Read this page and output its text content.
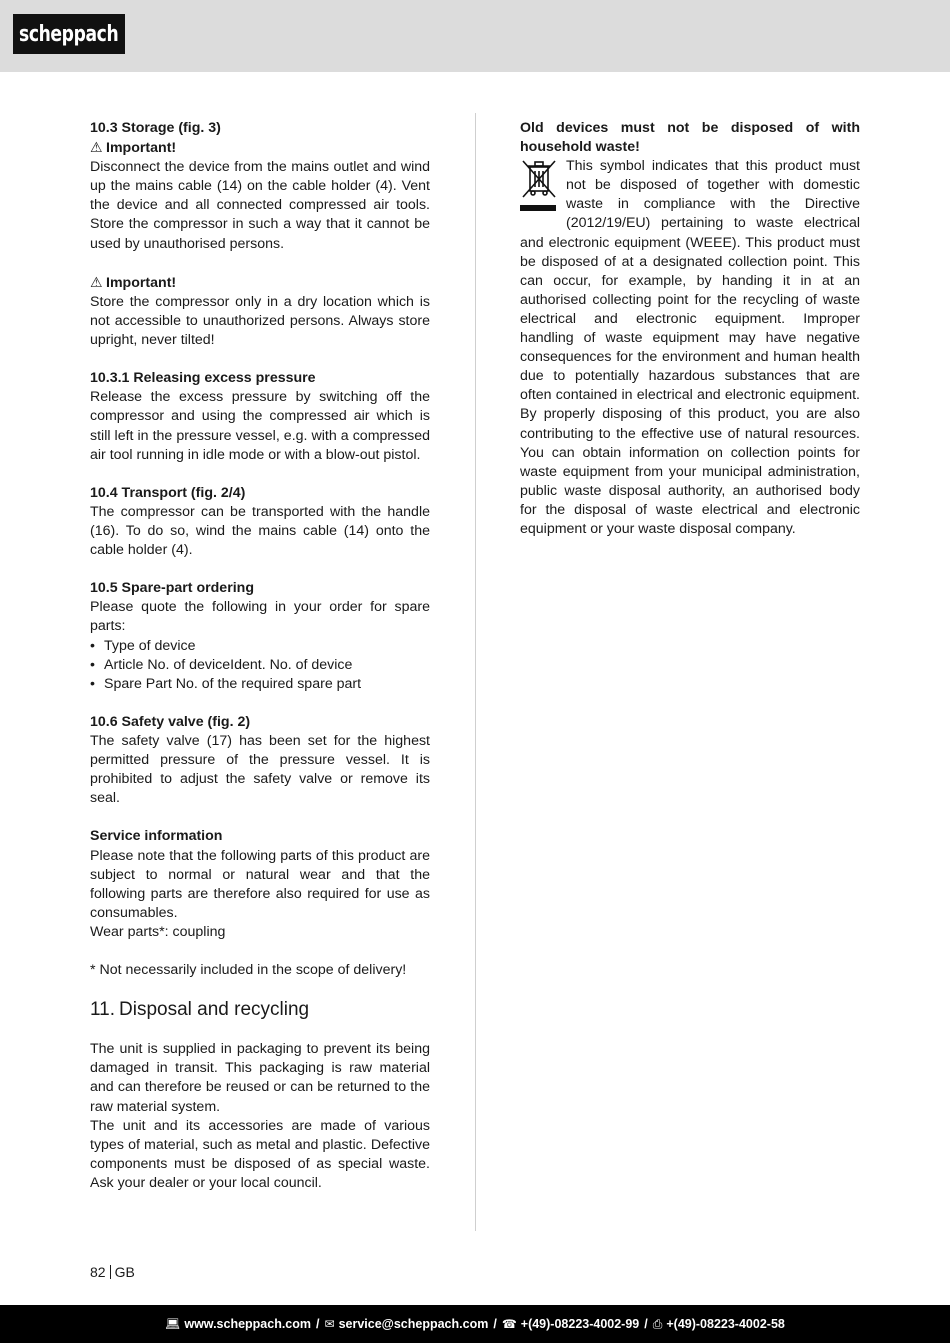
scheppach

10.3 Storage (fig. 3)

⚠ Important!

Disconnect the device from the mains outlet and wind up the mains cable (14) on the cable holder (4). Vent the device and all connected compressed air tools. Store the compressor in such a way that it cannot be used by unauthorised persons.

⚠ Important!

Store the compressor only in a dry location which is not accessible to unauthorized persons. Always store upright, never tilted!

10.3.1 Releasing excess pressure

Release the excess pressure by switching off the compressor and using the compressed air which is still left in the pressure vessel, e.g. with a compressed air tool running in idle mode or with a blow-out pistol.

10.4 Transport (fig. 2/4)

The compressor can be transported with the handle (16). To do so, wind the mains cable (14) onto the cable holder (4).

10.5 Spare-part ordering

Please quote the following in your order for spare parts:

• Type of device
• Article No. of deviceIdent. No. of device
• Spare Part No. of the required spare part

10.6 Safety valve (fig. 2)

The safety valve (17) has been set for the highest permitted pressure of the pressure vessel. It is prohibited to adjust the safety valve or remove its seal.

Service information

Please note that the following parts of this product are subject to normal or natural wear and that the following parts are therefore also required for use as consumables.

Wear parts*: coupling

* Not necessarily included in the scope of delivery!

11. Disposal and recycling

The unit is supplied in packaging to prevent its being damaged in transit. This packaging is raw material and can therefore be reused or can be returned to the raw material system.

The unit and its accessories are made of various types of material, such as metal and plastic. Defective components must be disposed of as special waste. Ask your dealer or your local council.

Old devices must not be disposed of with household waste!

This symbol indicates that this product must not be disposed of together with domestic waste in compliance with the Directive (2012/19/EU) pertaining to waste electrical and electronic equipment (WEEE). This product must be disposed of at a designated collection point. This can occur, for example, by handing it in at an authorised collecting point for the recycling of waste electrical and electronic equipment. Improper handling of waste equipment may have negative consequences for the environment and human health due to potentially hazardous substances that are often contained in electrical and electronic equipment. By properly disposing of this product, you are also contributing to the effective use of natural resources. You can obtain information on collection points for waste equipment from your municipal administration, public waste disposal authority, an authorised body for the disposal of waste electrical and electronic equipment or your waste disposal company.

82 GB
💻︎ www.scheppach.com / ✉ service@scheppach.com / ☎ +(49)-08223-4002-99 / ⎙ +(49)-08223-4002-58
